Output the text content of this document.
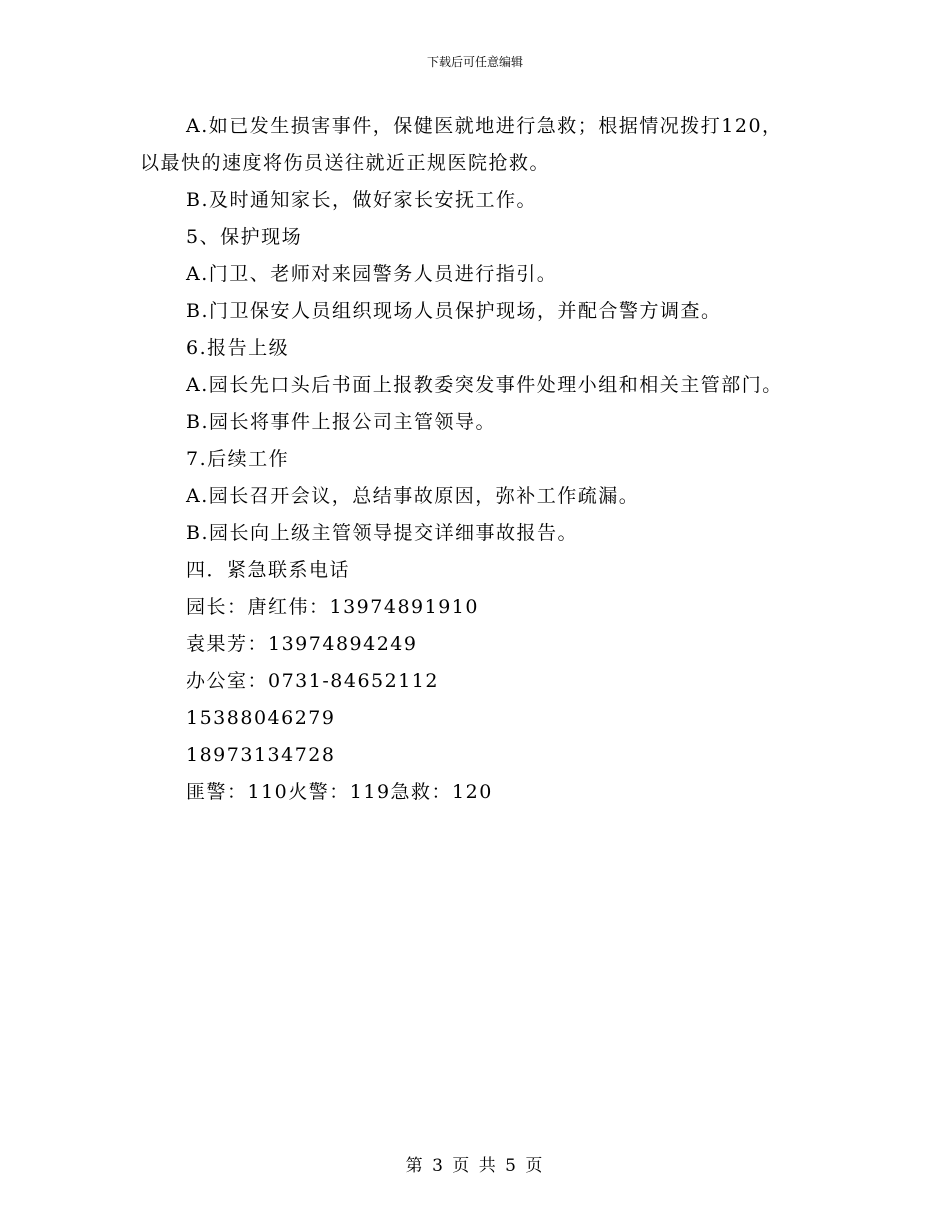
下载后可任意编辑
A.如已发生损害事件，保健医就地进行急救；根据情况拨打120，
以最快的速度将伤员送往就近正规医院抢救。
B.及时通知家长，做好家长安抚工作。
5、保护现场
A.门卫、老师对来园警务人员进行指引。
B.门卫保安人员组织现场人员保护现场，并配合警方调查。
6.报告上级
A.园长先口头后书面上报教委突发事件处理小组和相关主管部门。
B.园长将事件上报公司主管领导。
7.后续工作
A.园长召开会议，总结事故原因，弥补工作疏漏。
B.园长向上级主管领导提交详细事故报告。
四．紧急联系电话
园长：唐红伟：13974891910
袁果芳：13974894249
办公室：0731-84652112
15388046279
18973134728
匪警：110火警：119急救：120
第 3 页 共 5 页
